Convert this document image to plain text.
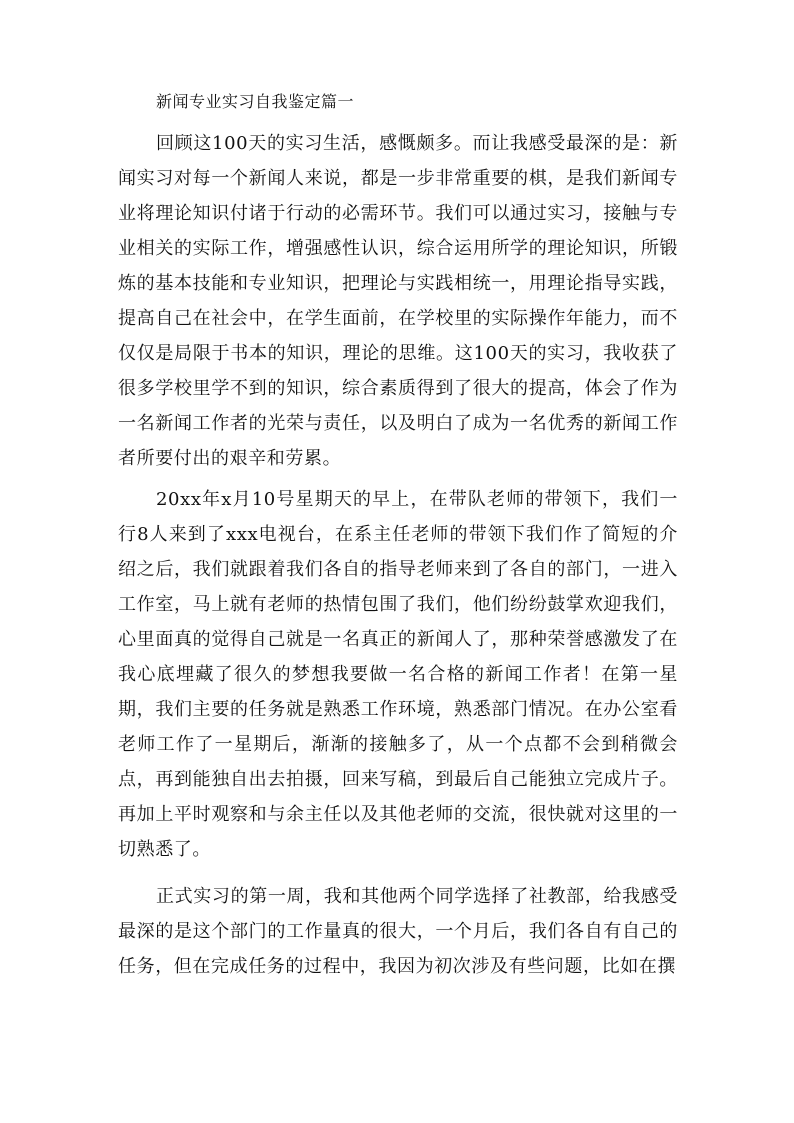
新闻专业实习自我鉴定篇一

回顾这100天的实习生活，感慨颇多。而让我感受最深的是：新闻实习对每一个新闻人来说，都是一步非常重要的棋，是我们新闻专业将理论知识付诸于行动的必需环节。我们可以通过实习，接触与专业相关的实际工作，增强感性认识，综合运用所学的理论知识，所锻炼的基本技能和专业知识，把理论与实践相统一，用理论指导实践，提高自己在社会中，在学生面前，在学校里的实际操作年能力，而不仅仅是局限于书本的知识，理论的思维。这100天的实习，我收获了很多学校里学不到的知识，综合素质得到了很大的提高，体会了作为一名新闻工作者的光荣与责任，以及明白了成为一名优秀的新闻工作者所要付出的艰辛和劳累。

20xx年x月10号星期天的早上，在带队老师的带领下，我们一行8人来到了xxx电视台，在系主任老师的带领下我们作了简短的介绍之后，我们就跟着我们各自的指导老师来到了各自的部门，一进入工作室，马上就有老师的热情包围了我们，他们纷纷鼓掌欢迎我们，心里面真的觉得自己就是一名真正的新闻人了，那种荣誉感激发了在我心底埋藏了很久的梦想我要做一名合格的新闻工作者！在第一星期，我们主要的任务就是熟悉工作环境，熟悉部门情况。在办公室看老师工作了一星期后，渐渐的接触多了，从一个点都不会到稍微会点，再到能独自出去拍摄，回来写稿，到最后自己能独立完成片子。再加上平时观察和与余主任以及其他老师的交流，很快就对这里的一切熟悉了。

正式实习的第一周，我和其他两个同学选择了社教部，给我感受最深的是这个部门的工作量真的很大，一个月后，我们各自有自己的任务，但在完成任务的过程中，我因为初次涉及有些问题，比如在撰
